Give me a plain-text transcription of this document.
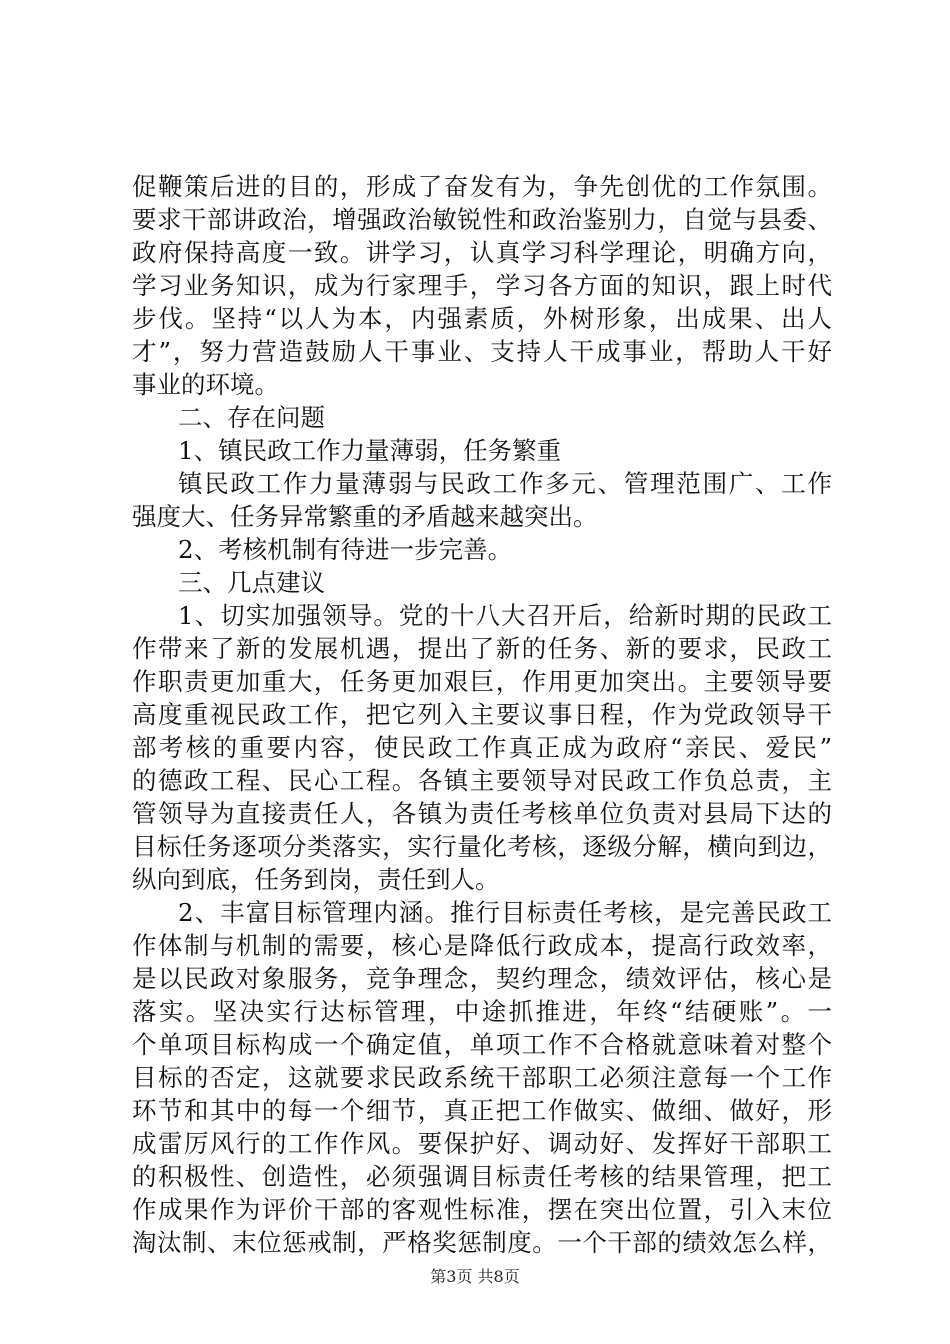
促鞭策后进的目的，形成了奋发有为，争先创优的工作氛围。
要求干部讲政治，增强政治敏锐性和政治鉴别力，自觉与县委、
政府保持高度一致。讲学习，认真学习科学理论，明确方向，
学习业务知识，成为行家理手，学习各方面的知识，跟上时代
步伐。坚持“以人为本，内强素质，外树形象，出成果、出人
才”，努力营造鼓励人干事业、支持人干成事业，帮助人干好
事业的环境。
二、存在问题
1、镇民政工作力量薄弱，任务繁重
镇民政工作力量薄弱与民政工作多元、管理范围广、工作
强度大、任务异常繁重的矛盾越来越突出。
2、考核机制有待进一步完善。
三、几点建议
1、切实加强领导。党的十八大召开后，给新时期的民政工
作带来了新的发展机遇，提出了新的任务、新的要求，民政工
作职责更加重大，任务更加艰巨，作用更加突出。主要领导要
高度重视民政工作，把它列入主要议事日程，作为党政领导干
部考核的重要内容，使民政工作真正成为政府“亲民、爱民”
的德政工程、民心工程。各镇主要领导对民政工作负总责，主
管领导为直接责任人，各镇为责任考核单位负责对县局下达的
目标任务逐项分类落实，实行量化考核，逐级分解，横向到边，
纵向到底，任务到岗，责任到人。
2、丰富目标管理内涵。推行目标责任考核，是完善民政工
作体制与机制的需要，核心是降低行政成本，提高行政效率，
是以民政对象服务，竞争理念，契约理念，绩效评估，核心是
落实。坚决实行达标管理，中途抓推进，年终“结硬账”。一
个单项目标构成一个确定值，单项工作不合格就意味着对整个
目标的否定，这就要求民政系统干部职工必须注意每一个工作
环节和其中的每一个细节，真正把工作做实、做细、做好，形
成雷厉风行的工作作风。要保护好、调动好、发挥好干部职工
的积极性、创造性，必须强调目标责任考核的结果管理，把工
作成果作为评价干部的客观性标准，摆在突出位置，引入末位
淘汰制、末位惩戒制，严格奖惩制度。一个干部的绩效怎么样，
第3页 共8页
